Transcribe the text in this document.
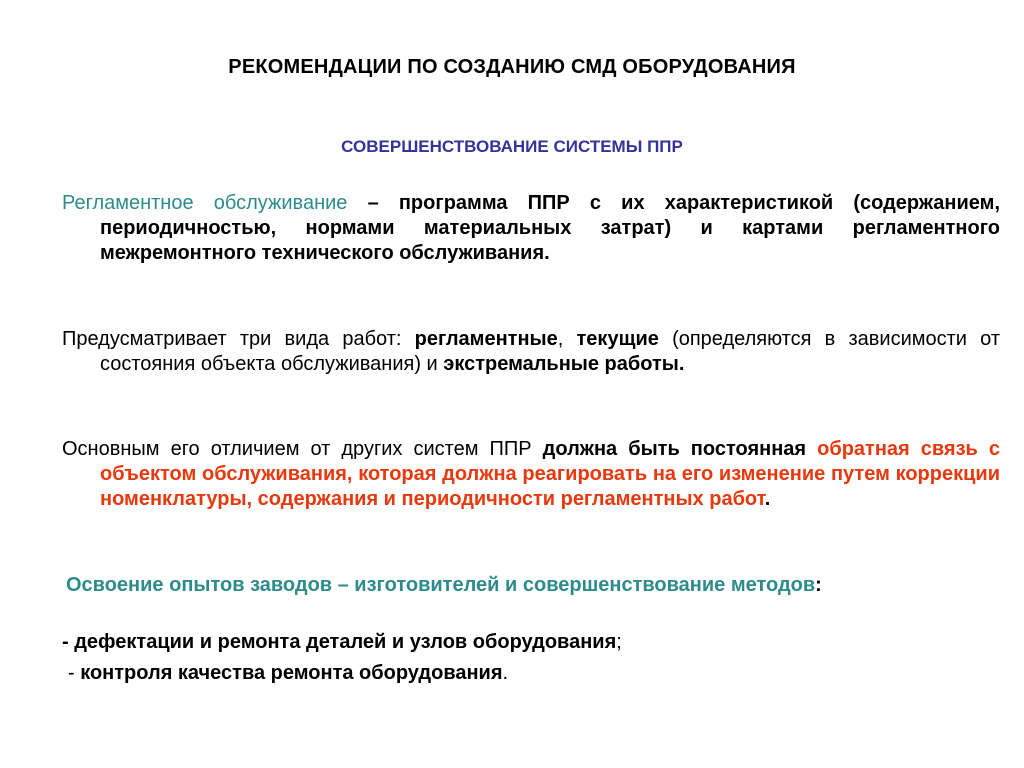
РЕКОМЕНДАЦИИ ПО СОЗДАНИЮ СМД ОБОРУДОВАНИЯ
СОВЕРШЕНСТВОВАНИЕ СИСТЕМЫ ППР
Регламентное обслуживание – программа ППР с их характеристикой (содержанием, периодичностью, нормами материальных затрат) и картами регламентного межремонтного технического обслуживания.
Предусматривает три вида работ: регламентные, текущие (определяются в зависимости от состояния объекта обслуживания) и экстремальные работы.
Основным его отличием от других систем ППР должна быть постоянная обратная связь с объектом обслуживания, которая должна реагировать на его изменение путем коррекции номенклатуры, содержания и периодичности регламентных работ.
Освоение опытов заводов – изготовителей и совершенствование методов:
- дефектации и ремонта деталей и узлов оборудования;
- контроля качества ремонта оборудования.
